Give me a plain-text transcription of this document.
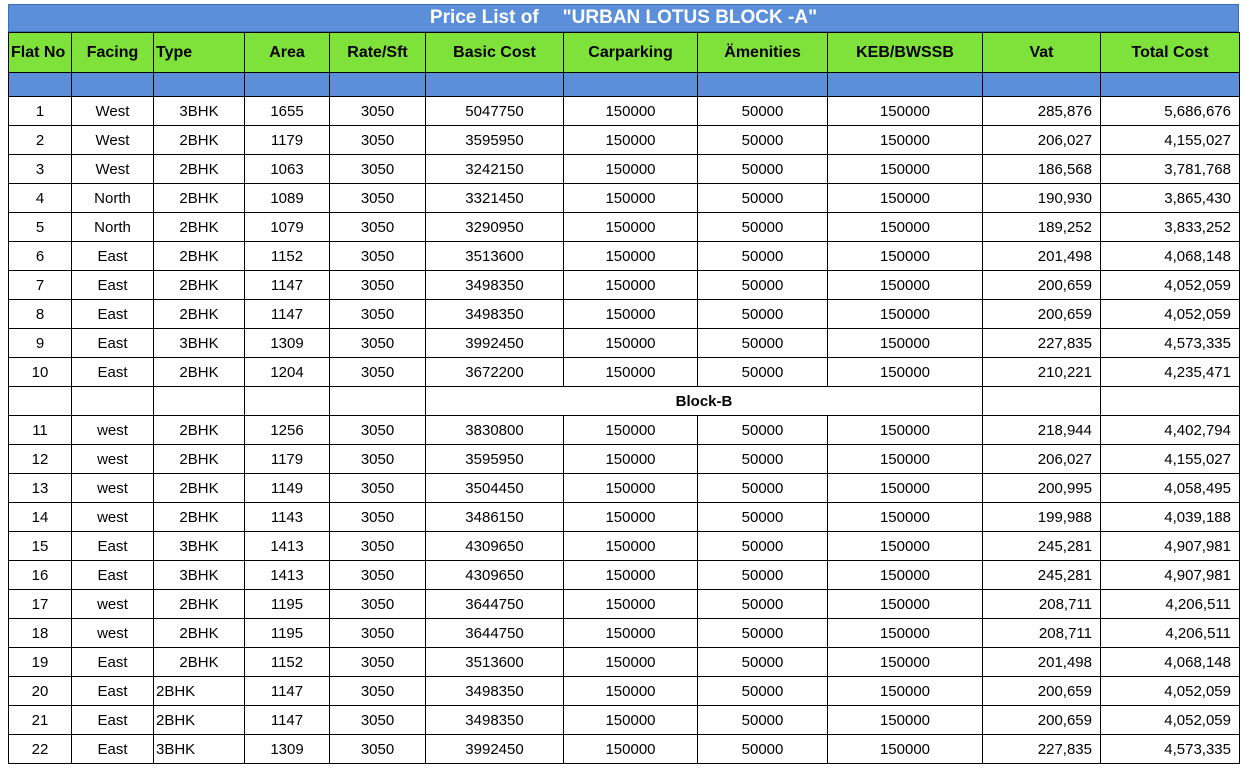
Price List of "URBAN LOTUS BLOCK -A"
Flat No	Facing	Type	Area	Rate/Sft	Basic Cost	Carparking	Ämenities	KEB/BWSSB	Vat	Total Cost

1	West	3BHK	1655	3050	5047750	150000	50000	150000	285,876	5,686,676
2	West	2BHK	1179	3050	3595950	150000	50000	150000	206,027	4,155,027
3	West	2BHK	1063	3050	3242150	150000	50000	150000	186,568	3,781,768
4	North	2BHK	1089	3050	3321450	150000	50000	150000	190,930	3,865,430
5	North	2BHK	1079	3050	3290950	150000	50000	150000	189,252	3,833,252
6	East	2BHK	1152	3050	3513600	150000	50000	150000	201,498	4,068,148
7	East	2BHK	1147	3050	3498350	150000	50000	150000	200,659	4,052,059
8	East	2BHK	1147	3050	3498350	150000	50000	150000	200,659	4,052,059
9	East	3BHK	1309	3050	3992450	150000	50000	150000	227,835	4,573,335
10	East	2BHK	1204	3050	3672200	150000	50000	150000	210,221	4,235,471
					Block-B					
11	west	2BHK	1256	3050	3830800	150000	50000	150000	218,944	4,402,794
12	west	2BHK	1179	3050	3595950	150000	50000	150000	206,027	4,155,027
13	west	2BHK	1149	3050	3504450	150000	50000	150000	200,995	4,058,495
14	west	2BHK	1143	3050	3486150	150000	50000	150000	199,988	4,039,188
15	East	3BHK	1413	3050	4309650	150000	50000	150000	245,281	4,907,981
16	East	3BHK	1413	3050	4309650	150000	50000	150000	245,281	4,907,981
17	west	2BHK	1195	3050	3644750	150000	50000	150000	208,711	4,206,511
18	west	2BHK	1195	3050	3644750	150000	50000	150000	208,711	4,206,511
19	East	2BHK	1152	3050	3513600	150000	50000	150000	201,498	4,068,148
20	East	2BHK	1147	3050	3498350	150000	50000	150000	200,659	4,052,059
21	East	2BHK	1147	3050	3498350	150000	50000	150000	200,659	4,052,059
22	East	3BHK	1309	3050	3992450	150000	50000	150000	227,835	4,573,335
